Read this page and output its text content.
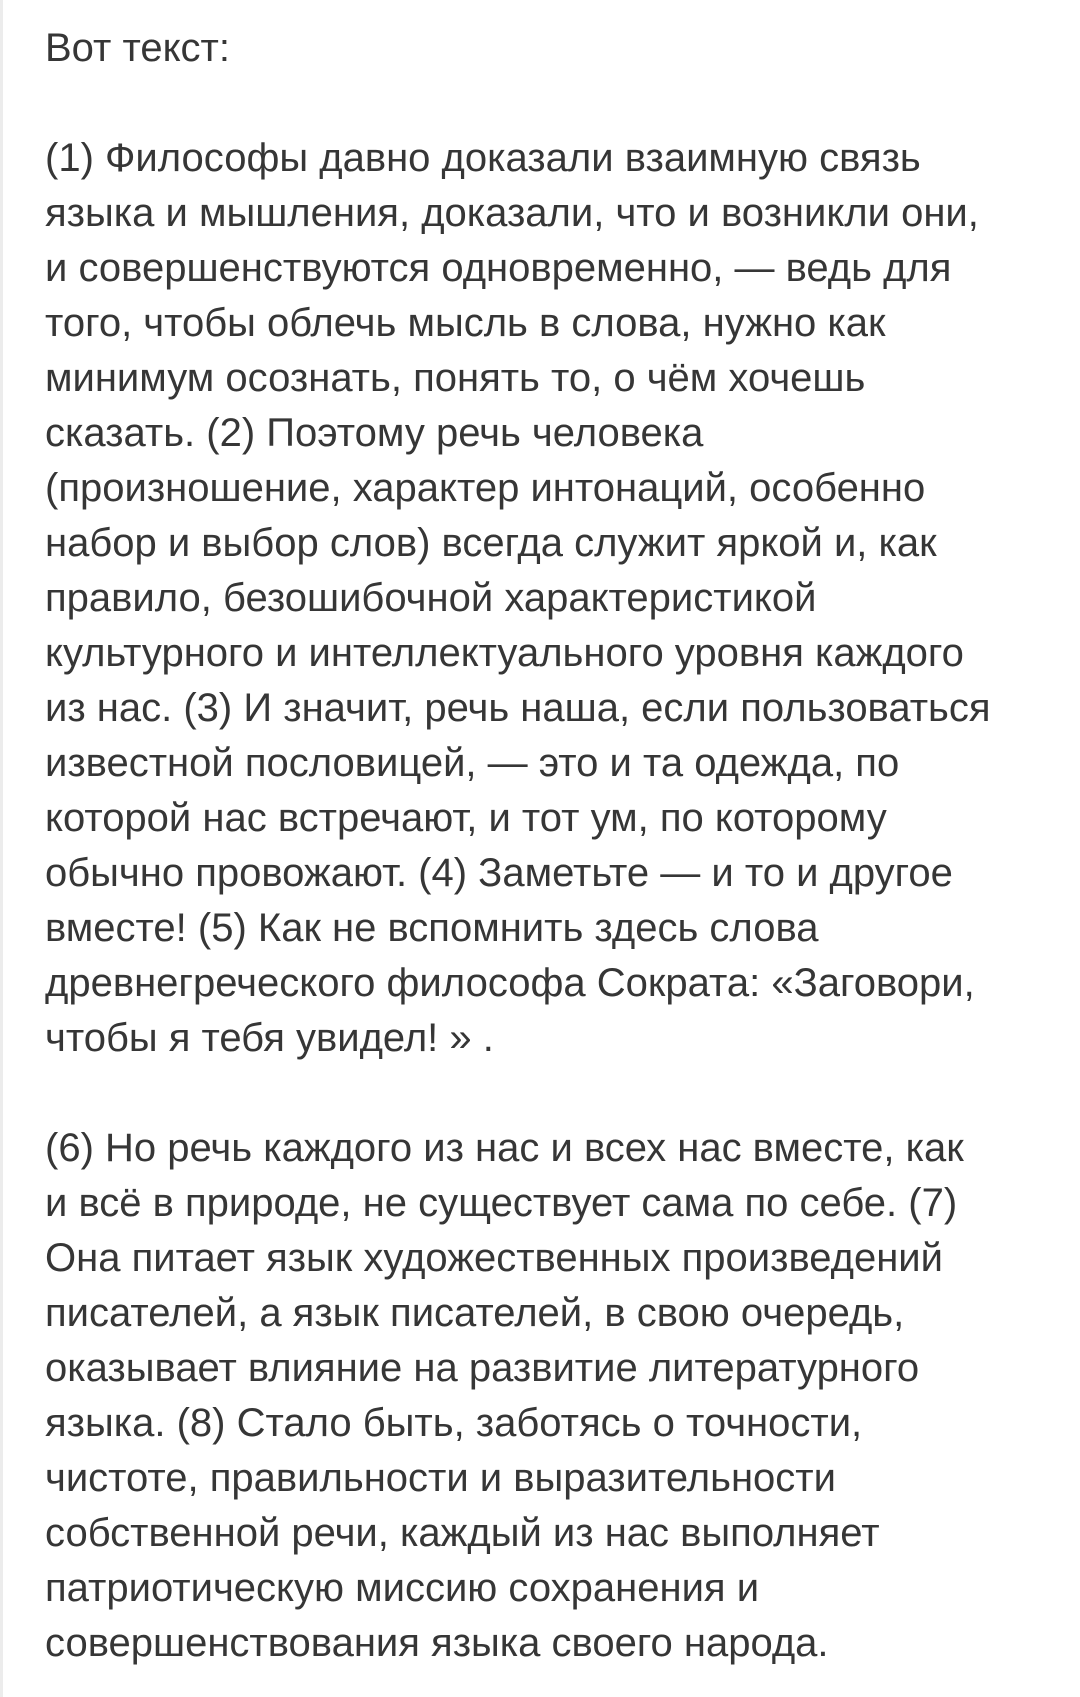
Вот текст:
(1) Философы давно доказали взаимную связь
языка и мышления, доказали, что и возникли они,
и совершенствуются одновременно, — ведь для
того, чтобы облечь мысль в слова, нужно как
минимум осознать, понять то, о чём хочешь
сказать. (2) Поэтому речь человека
(произношение, характер интонаций, особенно
набор и выбор слов) всегда служит яркой и, как
правило, безошибочной характеристикой
культурного и интеллектуального уровня каждого
из нас. (3) И значит, речь наша, если пользоваться
известной пословицей, — это и та одежда, по
которой нас встречают, и тот ум, по которому
обычно провожают. (4) Заметьте — и то и другое
вместе! (5) Как не вспомнить здесь слова
древнегреческого философа Сократа: «Заговори,
чтобы я тебя увидел! » .
(6) Но речь каждого из нас и всех нас вместе, как
и всё в природе, не существует сама по себе. (7)
Она питает язык художественных произведений
писателей, а язык писателей, в свою очередь,
оказывает влияние на развитие литературного
языка. (8) Стало быть, заботясь о точности,
чистоте, правильности и выразительности
собственной речи, каждый из нас выполняет
патриотическую миссию сохранения и
совершенствования языка своего народа.
